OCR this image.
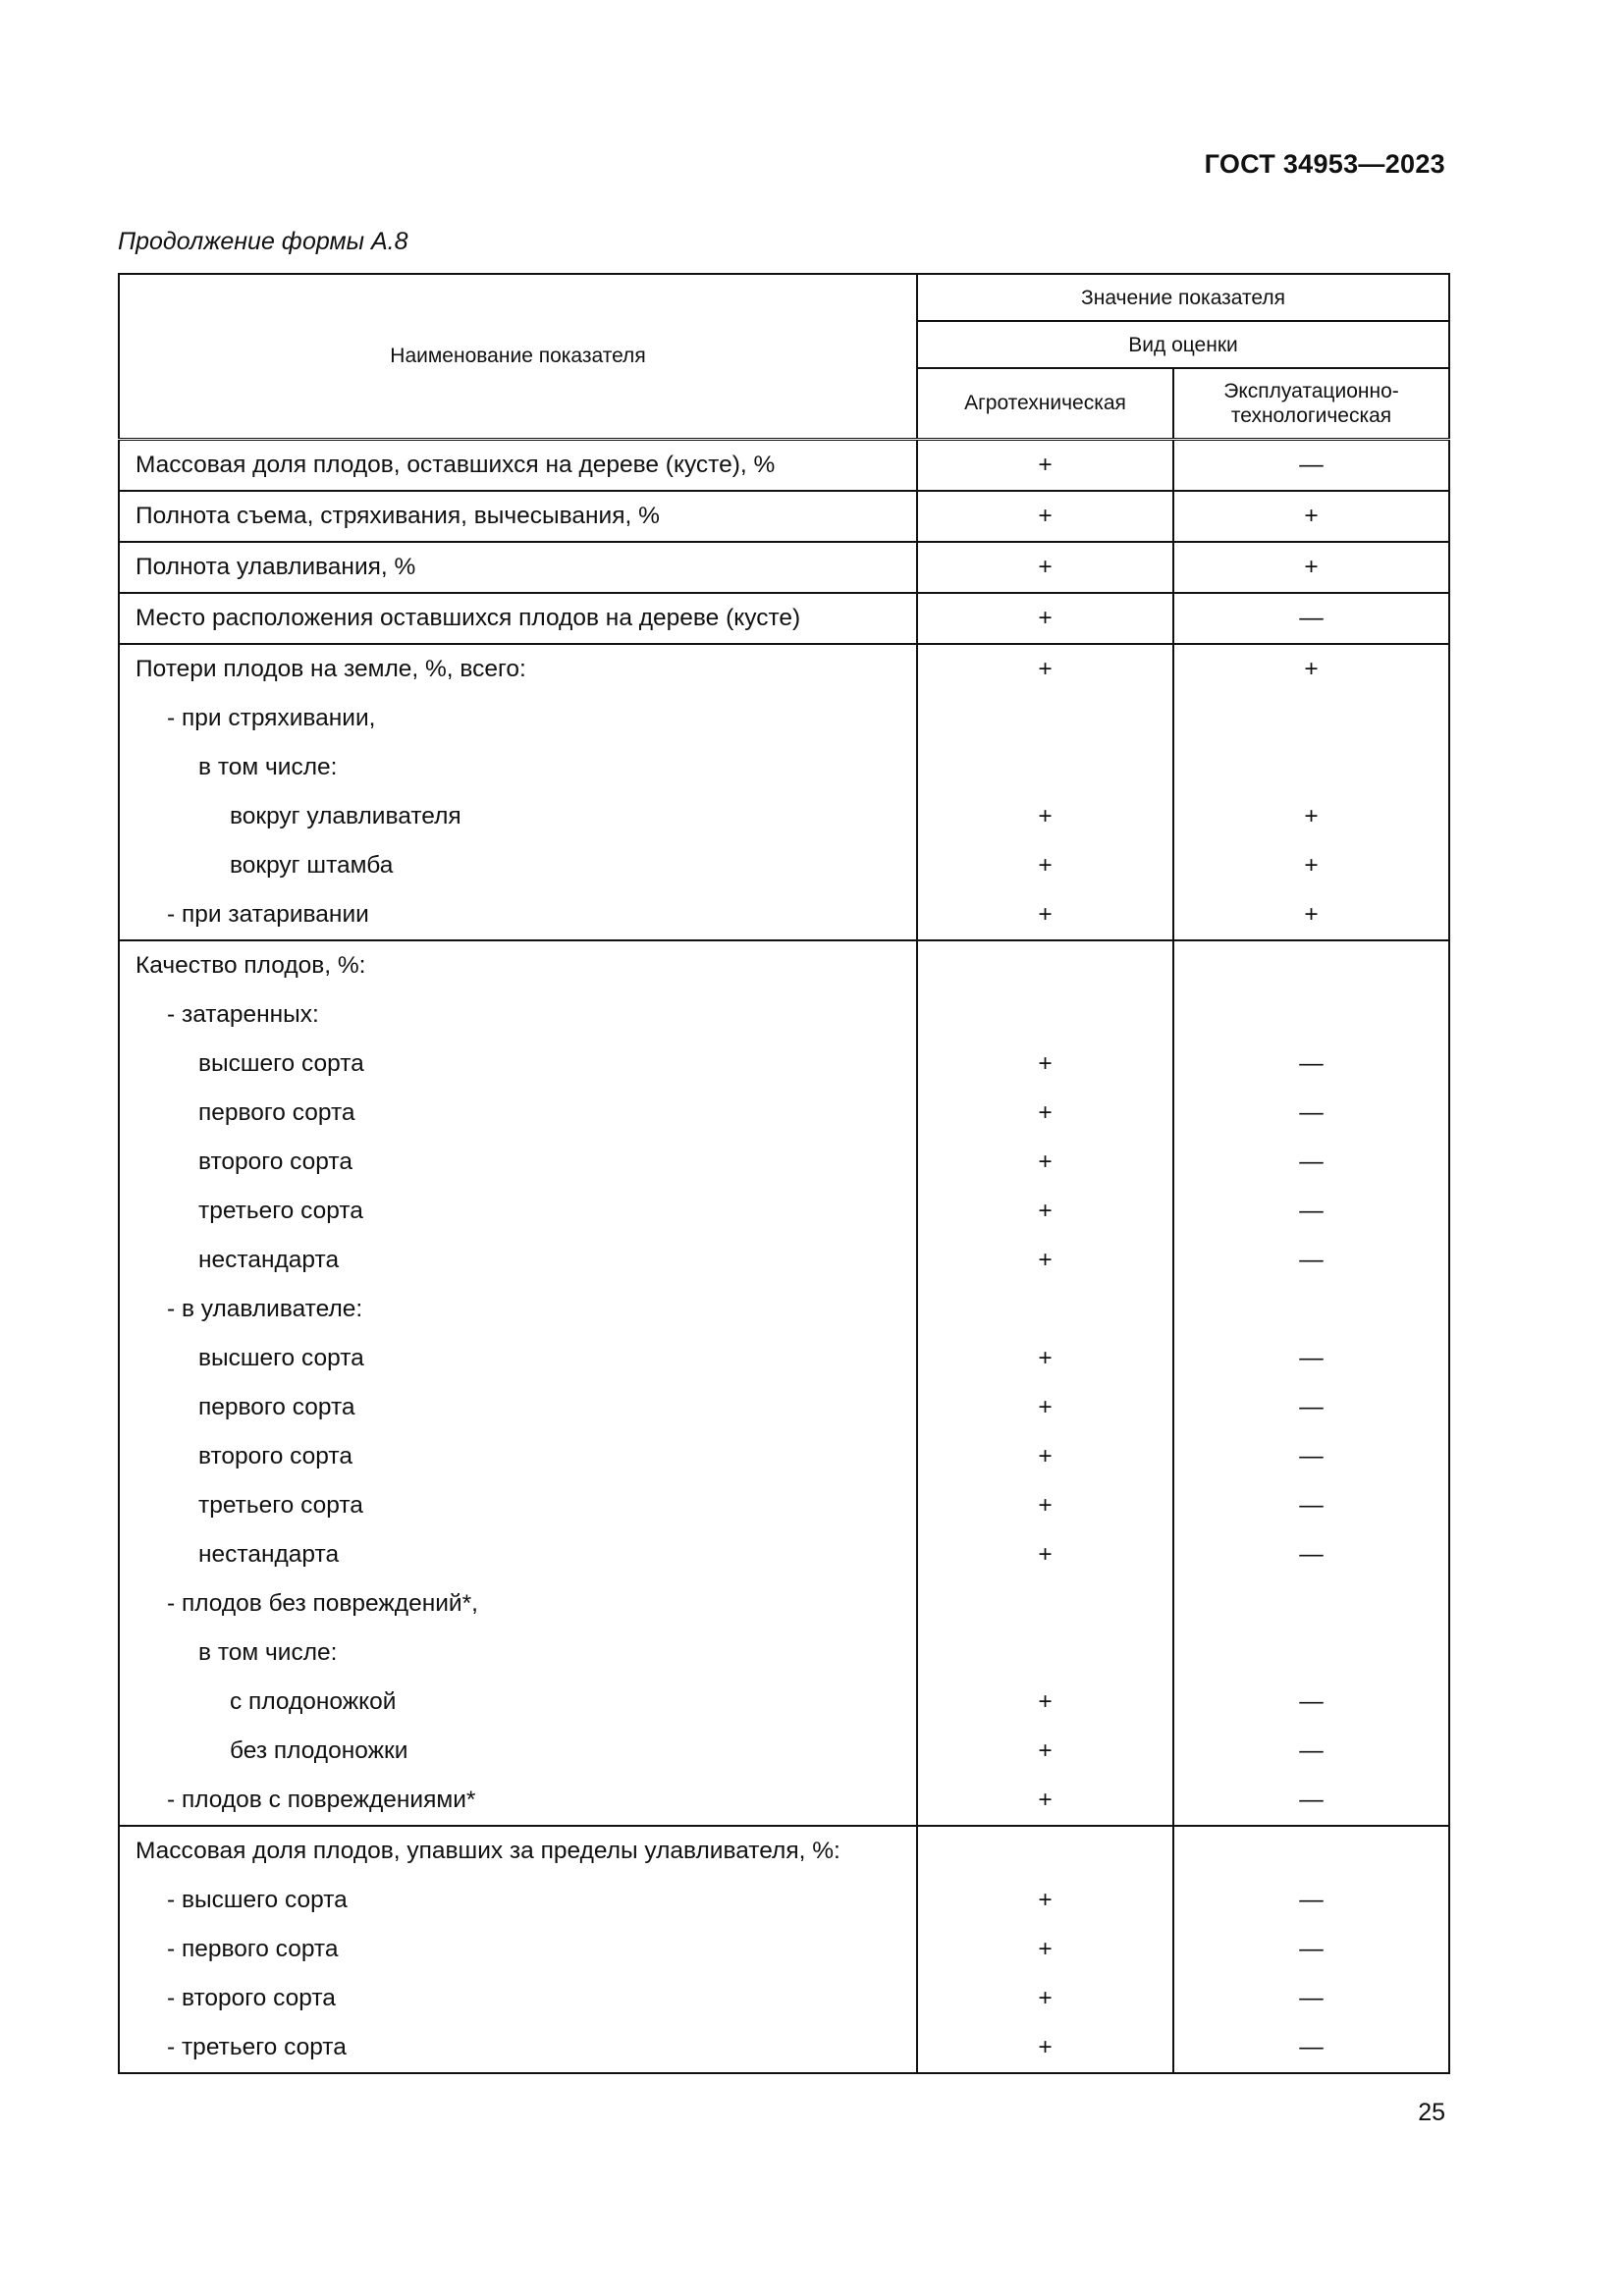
ГОСТ 34953—2023
Продолжение формы А.8
Наименование показателя	Значение показателя	
	Вид оценки	
	Агротехническая	Эксплуатационно-технологическая
Массовая доля плодов, оставшихся на дереве (кусте), %	+	—
Полнота съема, стряхивания, вычесывания, %	+	+
Полнота улавливания, %	+	+
Место расположения оставшихся плодов на дереве (кусте)	+	—
Потери плодов на земле, %, всего:	+	+
- при стряхивании,		
в том числе:		
вокруг улавливателя	+	+
вокруг штамба	+	+
- при затаривании	+	+
Качество плодов, %:		
- затаренных:		
высшего сорта	+	—
первого сорта	+	—
второго сорта	+	—
третьего сорта	+	—
нестандарта	+	—
- в улавливателе:		
высшего сорта	+	—
первого сорта	+	—
второго сорта	+	—
третьего сорта	+	—
нестандарта	+	—
- плодов без повреждений*,		
в том числе:		
с плодоножкой	+	—
без плодоножки	+	—
- плодов с повреждениями*	+	—
Массовая доля плодов, упавших за пределы улавливателя, %:		
- высшего сорта	+	—
- первого сорта	+	—
- второго сорта	+	—
- третьего сорта	+	—
25
